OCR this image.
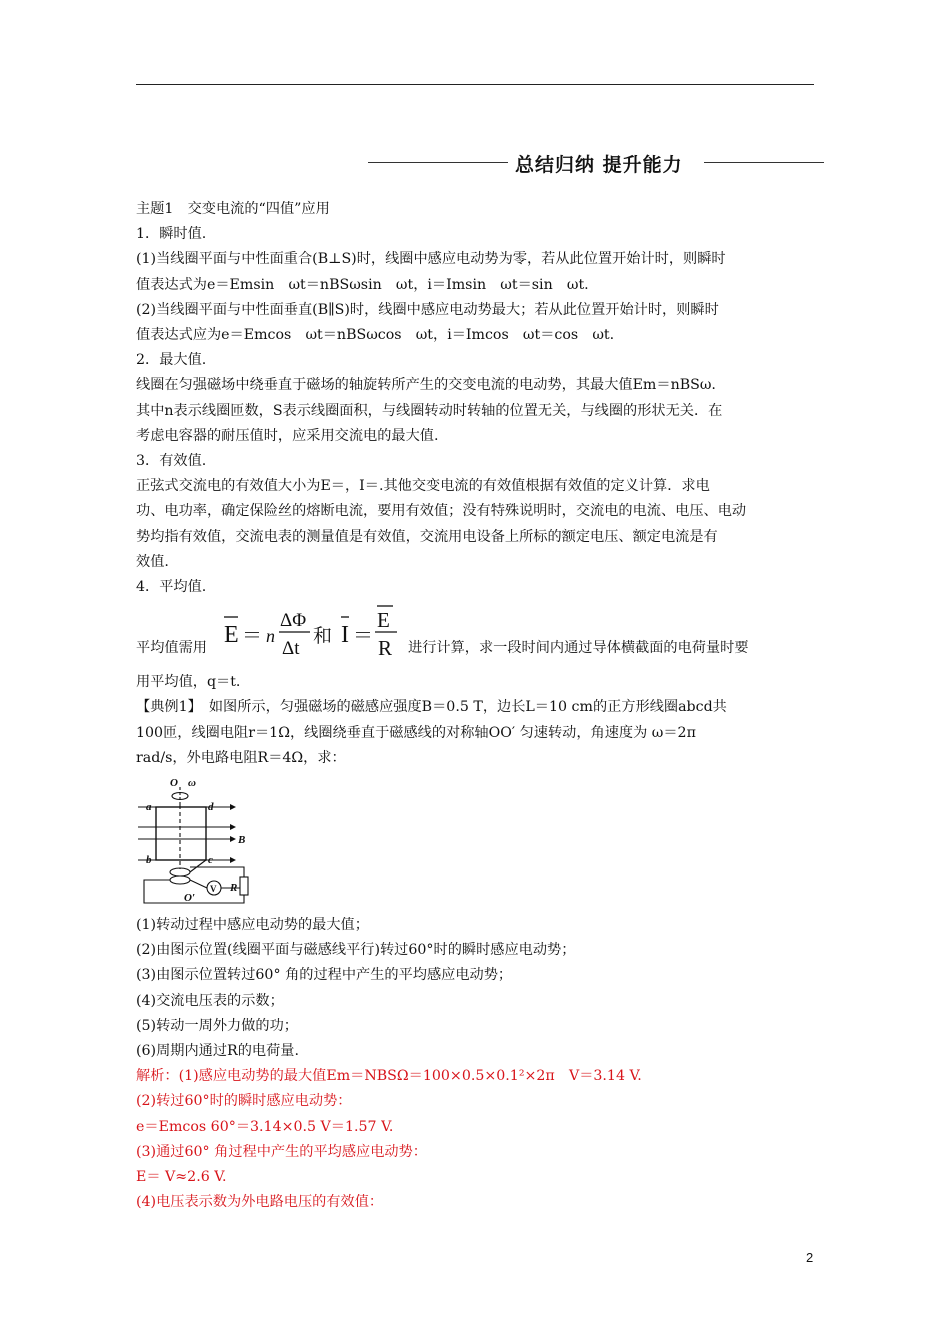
总结归纳 提升能力

主题1　交变电流的“四值”应用

1．瞬时值.

(1)当线圈平面与中性面重合(B⊥S)时，线圈中感应电动势为零，若从此位置开始计时，则瞬时

值表达式为e＝Emsin　ωt＝nBSωsin　ωt，i＝Imsin　ωt＝sin　ωt.

(2)当线圈平面与中性面垂直(B∥S)时，线圈中感应电动势最大；若从此位置开始计时，则瞬时

值表达式应为e＝Emcos　ωt＝nBSωcos　ωt，i＝Imcos　ωt＝cos　ωt.

2．最大值.

线圈在匀强磁场中绕垂直于磁场的轴旋转所产生的交变电流的电动势，其最大值Em＝nBSω.

其中n表示线圈匝数，S表示线圈面积，与线圈转动时转轴的位置无关，与线圈的形状无关．在

考虑电容器的耐压值时，应采用交流电的最大值.

3．有效值.

正弦式交流电的有效值大小为E＝，I＝.其他交变电流的有效值根据有效值的定义计算．求电

功、电功率，确定保险丝的熔断电流，要用有效值；没有特殊说明时，交流电的电流、电压、电动

势均指有效值，交流电表的测量值是有效值，交流用电设备上所标的额定电压、额定电流是有

效值.

4．平均值.

平均值需用 E ＝ n
ΔΦ
Δt
和 I ＝
E
R 进行计算，求一段时间内通过导体横截面的电荷量时要

用平均值，q＝t.

【典例1】　如图所示，匀强磁场的磁感应强度B＝0.5 T，边长L＝10 cm的正方形线圈abcd共

100匝，线圈电阻r＝1Ω，线圈绕垂直于磁感线的对称轴OO′ 匀速转动，角速度为 ω＝2π

rad/s，外电路电阻R＝4Ω，求：

O ω
a	d
B
b	c
O′
V R

(1)转动过程中感应电动势的最大值；

(2)由图示位置(线圈平面与磁感线平行)转过60°时的瞬时感应电动势；

(3)由图示位置转过60° 角的过程中产生的平均感应电动势；

(4)交流电压表的示数；

(5)转动一周外力做的功；

(6)周期内通过R的电荷量.

解析：(1)感应电动势的最大值Em＝NBSΩ＝100×0.5×0.1²×2π　V＝3.14 V.

(2)转过60°时的瞬时感应电动势：

e＝Emcos 60°＝3.14×0.5 V＝1.57 V.

(3)通过60° 角过程中产生的平均感应电动势：

E＝ V≈2.6 V.

(4)电压表示数为外电路电压的有效值：

2
